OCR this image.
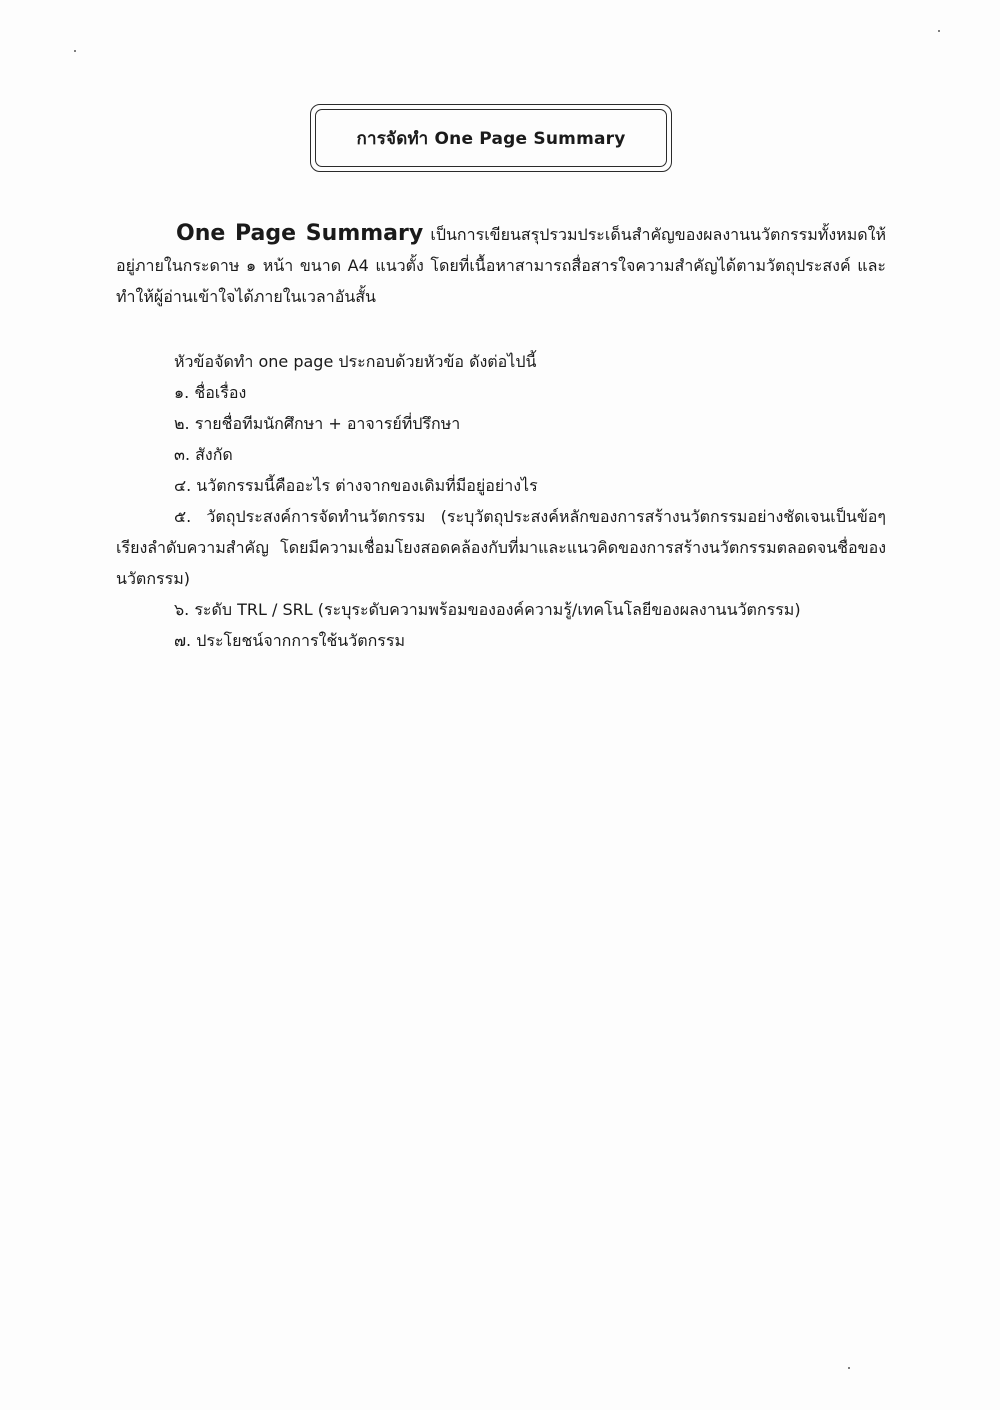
การจัดทำ One Page Summary
One Page Summary เป็นการเขียนสรุปรวมประเด็นสำคัญของผลงานนวัตกรรมทั้งหมดให้อยู่ภายในกระดาษ ๑ หน้า ขนาด A4 แนวตั้ง โดยที่เนื้อหาสามารถสื่อสารใจความสำคัญได้ตามวัตถุประสงค์ และทำให้ผู้อ่านเข้าใจได้ภายในเวลาอันสั้น

หัวข้อจัดทำ one page ประกอบด้วยหัวข้อ ดังต่อไปนี้

๑. ชื่อเรื่อง

๒. รายชื่อทีมนักศึกษา + อาจารย์ที่ปรึกษา

๓. สังกัด

๔. นวัตกรรมนี้คืออะไร ต่างจากของเดิมที่มีอยู่อย่างไร

๕. วัตถุประสงค์การจัดทำนวัตกรรม (ระบุวัตถุประสงค์หลักของการสร้างนวัตกรรมอย่างชัดเจนเป็นข้อๆ เรียงลำดับความสำคัญ โดยมีความเชื่อมโยงสอดคล้องกับที่มาและแนวคิดของการสร้างนวัตกรรมตลอดจนชื่อของนวัตกรรม)

๖. ระดับ TRL / SRL (ระบุระดับความพร้อมขององค์ความรู้/เทคโนโลยีของผลงานนวัตกรรม)

๗. ประโยชน์จากการใช้นวัตกรรม
